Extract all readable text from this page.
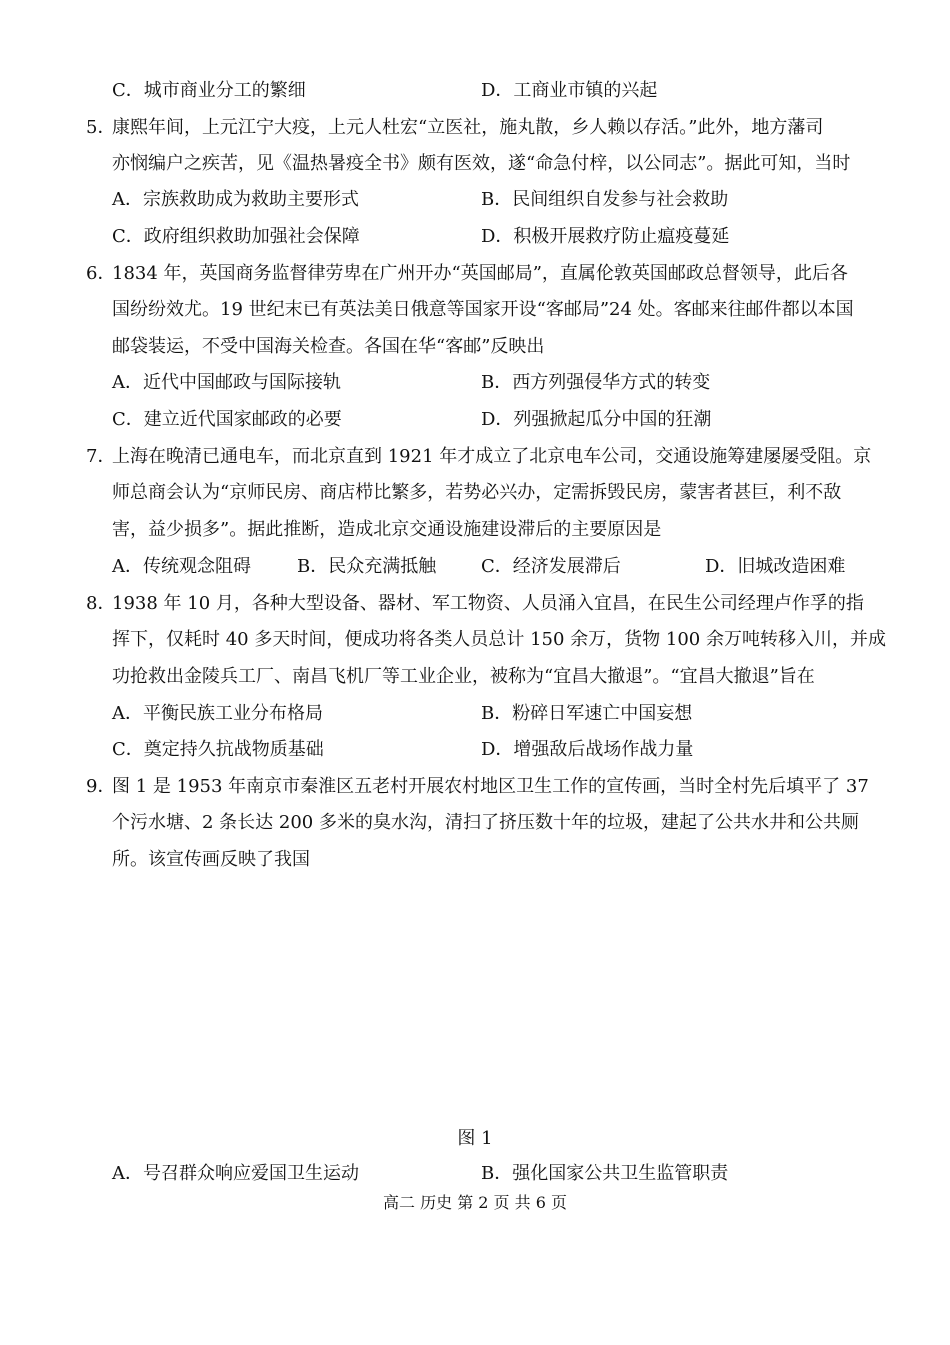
C．城市商业分工的繁细	D．工商业市镇的兴起
5．
康熙年间，上元江宁大疫，上元人杜宏“立医社，施丸散，乡人赖以存活。”此外，地方藩司
亦悯编户之疾苦，见《温热暑疫全书》颇有医效，遂“命急付梓，以公同志”。据此可知，当时
A．宗族救助成为救助主要形式	B．民间组织自发参与社会救助
C．政府组织救助加强社会保障	D．积极开展救疗防止瘟疫蔓延
6．
1834 年，英国商务监督律劳卑在广州开办“英国邮局”，直属伦敦英国邮政总督领导，此后各
国纷纷效尤。19 世纪末已有英法美日俄意等国家开设“客邮局”24 处。客邮来往邮件都以本国
邮袋装运，不受中国海关检查。各国在华“客邮”反映出
A．近代中国邮政与国际接轨	B．西方列强侵华方式的转变
C．建立近代国家邮政的必要	D．列强掀起瓜分中国的狂潮
7．
上海在晚清已通电车，而北京直到 1921 年才成立了北京电车公司，交通设施筹建屡屡受阻。京
师总商会认为“京师民房、商店栉比繁多，若势必兴办，定需拆毁民房，蒙害者甚巨，利不敌
害，益少损多”。据此推断，造成北京交通设施建设滞后的主要原因是
A．传统观念阻碍	B．民众充满抵触 C．经济发展滞后	D．旧城改造困难
8．
1938 年 10 月，各种大型设备、器材、军工物资、人员涌入宜昌，在民生公司经理卢作孚的指
挥下，仅耗时 40 多天时间，便成功将各类人员总计 150 余万，货物 100 余万吨转移入川，并成
功抢救出金陵兵工厂、南昌飞机厂等工业企业，被称为“宜昌大撤退”。“宜昌大撤退”旨在
A．平衡民族工业分布格局	B．粉碎日军速亡中国妄想
C．奠定持久抗战物质基础	D．增强敌后战场作战力量
9．
图 1 是 1953 年南京市秦淮区五老村开展农村地区卫生工作的宣传画，当时全村先后填平了 37
个污水塘、2 条长达 200 多米的臭水沟，清扫了挤压数十年的垃圾，建起了公共水井和公共厕
所。该宣传画反映了我国
图 1
A．号召群众响应爱国卫生运动	B．强化国家公共卫生监管职责
高二 历史 第 2 页 共 6 页
